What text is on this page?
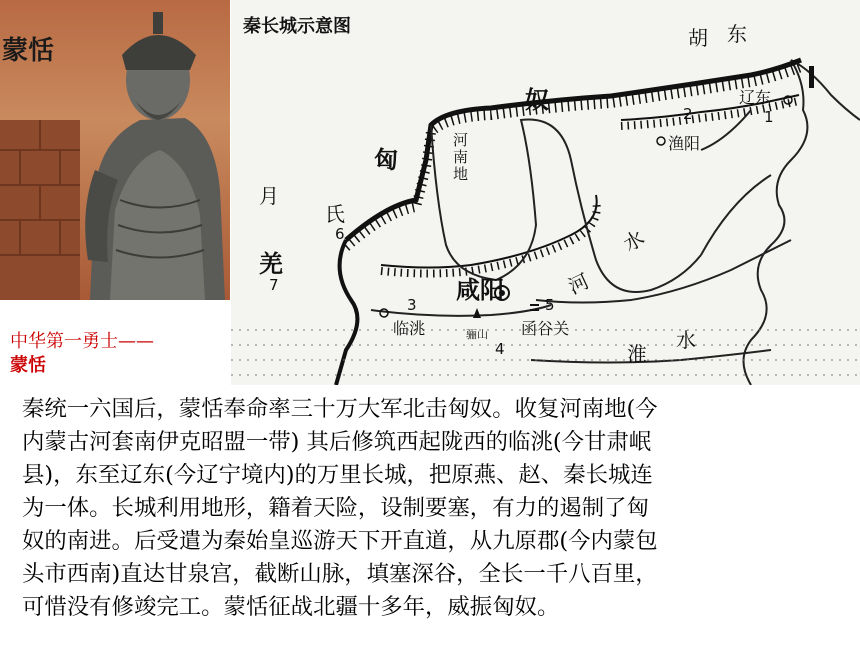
蒙恬
中华第一勇士——
蒙恬
秦长城示意图	胡 东
奴
匈
月
氏
6
羌
7
河南地
2
渔阳
辽东
1
咸阳
3
临洮	骊山
4
5
函谷关
河
水
淮
水
秦统一六国后，蒙恬奉命率三十万大军北击匈奴。收复河南地(今
内蒙古河套南伊克昭盟一带) 其后修筑西起陇西的临洮(今甘肃岷
县)，东至辽东(今辽宁境内)的万里长城，把原燕、赵、秦长城连
为一体。长城利用地形，籍着天险，设制要塞，有力的遏制了匈
奴的南进。后受遣为秦始皇巡游天下开直道，从九原郡(今内蒙包
头市西南)直达甘泉宫，截断山脉，填塞深谷，全长一千八百里，
可惜没有修竣完工。蒙恬征战北疆十多年，威振匈奴。
